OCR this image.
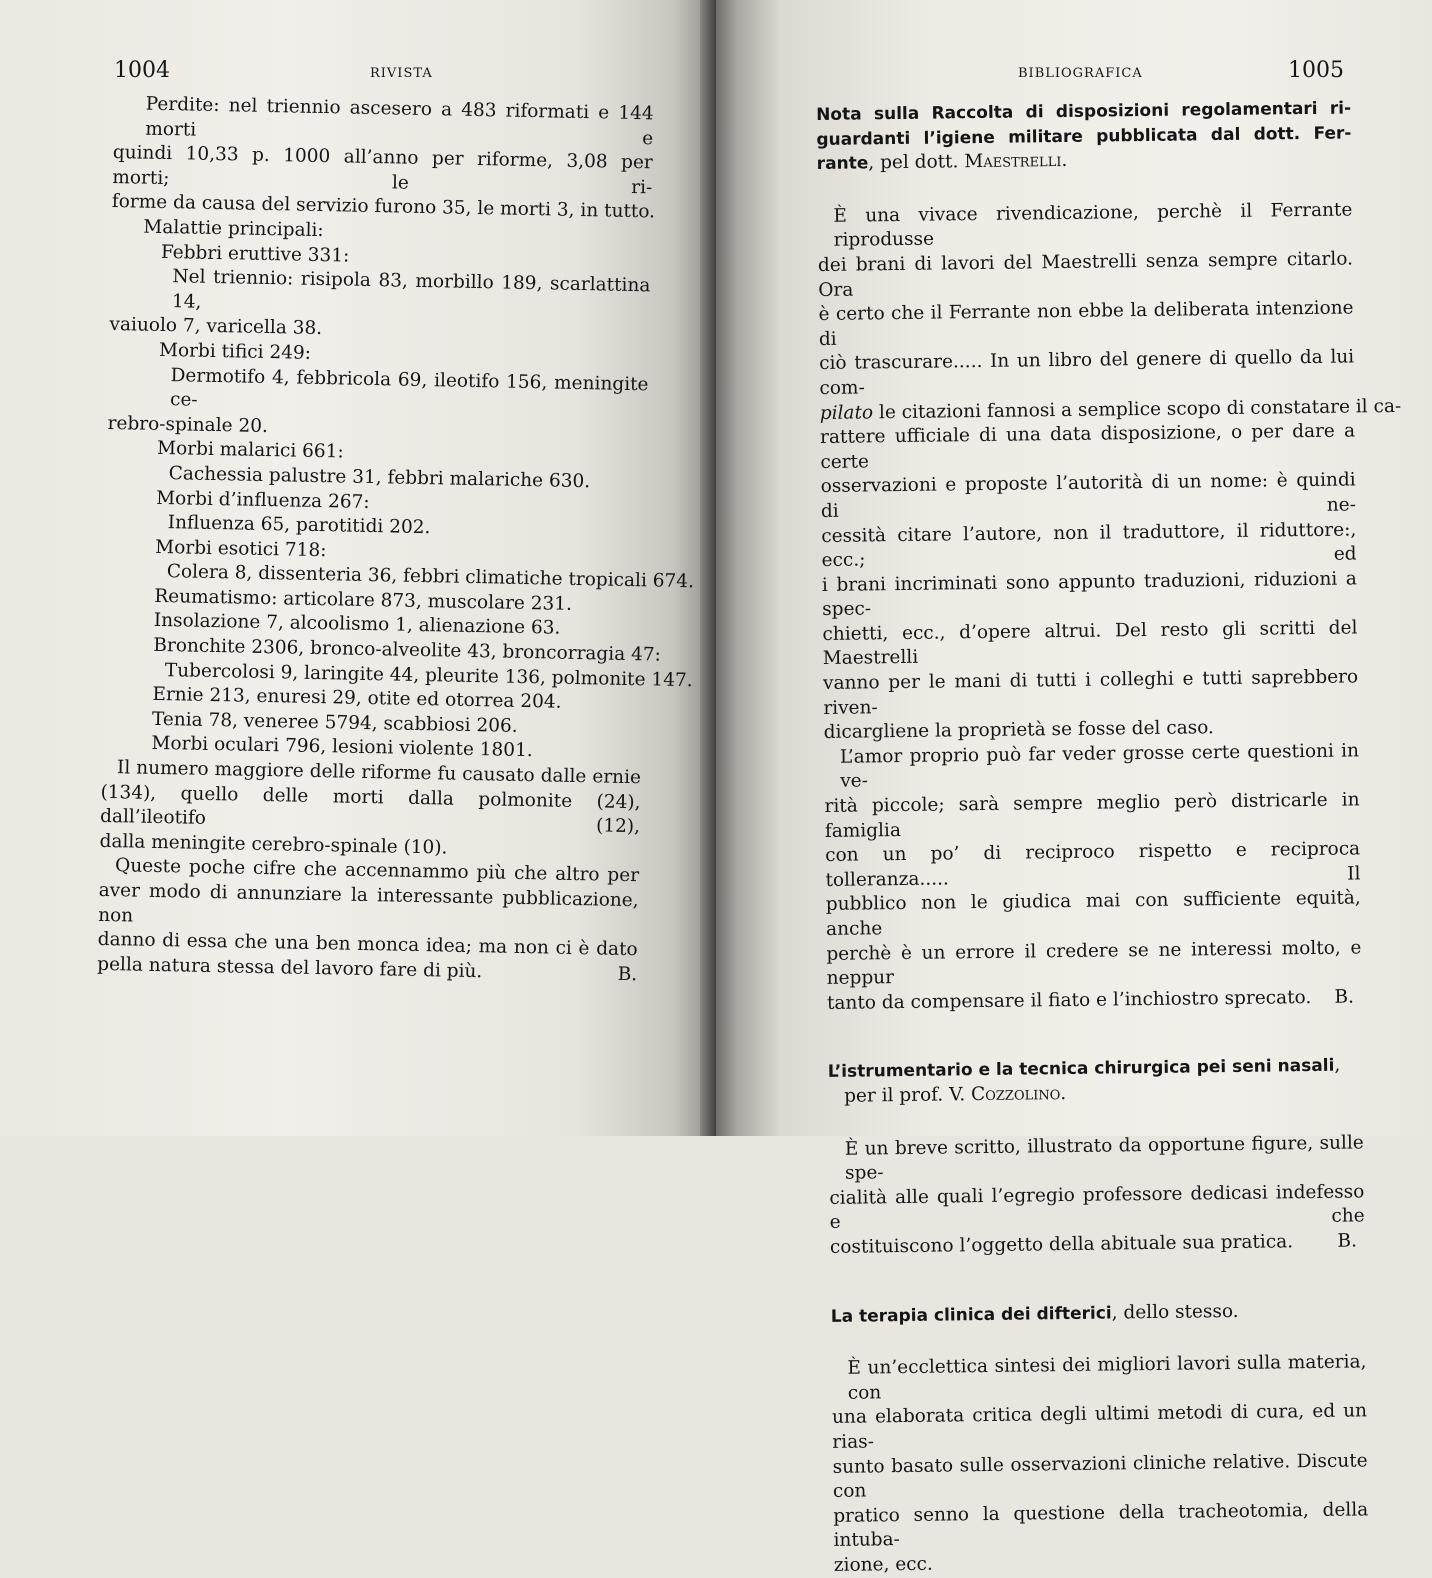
1004	RIVISTA
Perdite: nel triennio ascesero a 483 riformati e 144 morti e
quindi 10,33 p. 1000 all’anno per riforme, 3,08 per morti; le ri-
forme da causa del servizio furono 35, le morti 3, in tutto.
Malattie principali:
Febbri eruttive 331:
Nel triennio: risipola 83, morbillo 189, scarlattina 14,
vaiuolo 7, varicella 38.
Morbi tifici 249:
Dermotifo 4, febbricola 69, ileotifo 156, meningite ce-
rebro-spinale 20.
Morbi malarici 661:
Cachessia palustre 31, febbri malariche 630.
Morbi d’influenza 267:
Influenza 65, parotitidi 202.
Morbi esotici 718:
Colera 8, dissenteria 36, febbri climatiche tropicali 674.
Reumatismo: articolare 873, muscolare 231.
Insolazione 7, alcoolismo 1, alienazione 63.
Bronchite 2306, bronco-alveolite 43, broncorragia 47:
Tubercolosi 9, laringite 44, pleurite 136, polmonite 147.
Ernie 213, enuresi 29, otite ed otorrea 204.
Tenia 78, veneree 5794, scabbiosi 206.
Morbi oculari 796, lesioni violente 1801.
Il numero maggiore delle riforme fu causato dalle ernie
(134), quello delle morti dalla polmonite (24), dall’ileotifo (12),
dalla meningite cerebro-spinale (10).
Queste poche cifre che accennammo più che altro per
aver modo di annunziare la interessante pubblicazione, non
danno di essa che una ben monca idea; ma non ci è dato
pella natura stessa del lavoro fare di più.	B.
BIBLIOGRAFICA	1005
Nota sulla Raccolta di disposizioni regolamentari ri-
guardanti l’igiene militare pubblicata dal dott. Fer-
rante, pel dott. Maestrelli.
È una vivace rivendicazione, perchè il Ferrante riprodusse
dei brani di lavori del Maestrelli senza sempre citarlo. Ora
è certo che il Ferrante non ebbe la deliberata intenzione di
ciò trascurare..... In un libro del genere di quello da lui com-
pilato le citazioni fannosi a semplice scopo di constatare il ca-
rattere ufficiale di una data disposizione, o per dare a certe
osservazioni e proposte l’autorità di un nome: è quindi di ne-
cessità citare l’autore, non il traduttore, il riduttore:, ecc.; ed
i brani incriminati sono appunto traduzioni, riduzioni a spec-
chietti, ecc., d’opere altrui. Del resto gli scritti del Maestrelli
vanno per le mani di tutti i colleghi e tutti saprebbero riven-
dicargliene la proprietà se fosse del caso.
L’amor proprio può far veder grosse certe questioni in ve-
rità piccole; sarà sempre meglio però districarle in famiglia
con un po’ di reciproco rispetto e reciproca tolleranza..... Il
pubblico non le giudica mai con sufficiente equità, anche
perchè è un errore il credere se ne interessi molto, e neppur
tanto da compensare il fiato e l’inchiostro sprecato. B.
L’istrumentario e la tecnica chirurgica pei seni nasali,
per il prof. V. Cozzolino.
È un breve scritto, illustrato da opportune figure, sulle spe-
cialità alle quali l’egregio professore dedicasi indefesso e che
costituiscono l’oggetto della abituale sua pratica. B.
La terapia clinica dei difterici, dello stesso.
È un’ecclettica sintesi dei migliori lavori sulla materia, con
una elaborata critica degli ultimi metodi di cura, ed un rias-
sunto basato sulle osservazioni cliniche relative. Discute con
pratico senno la questione della tracheotomia, della intuba-
zione, ecc.
